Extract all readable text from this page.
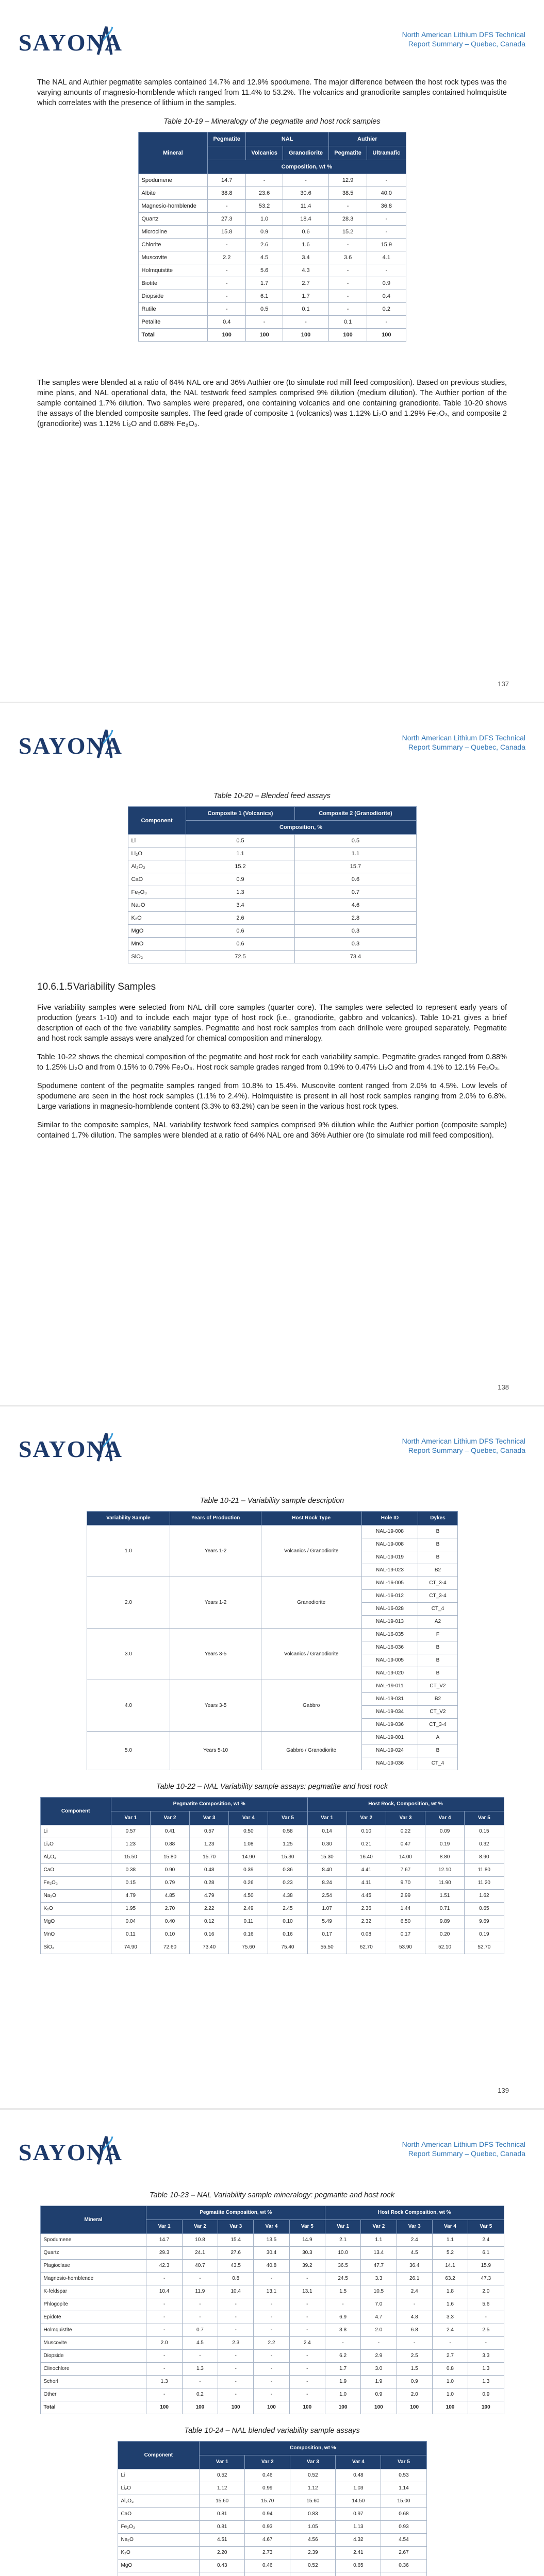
SAYONA	North American Lithium DFS Technical
Report Summary – Quebec, Canada

The NAL and Authier pegmatite samples contained 14.7% and 12.9% spodumene. The major difference between the host rock types was the varying amounts of magnesio-hornblende which ranged from 11.4% to 53.2%. The volcanics and granodiorite samples contained holmquistite which correlates with the presence of lithium in the samples.

Table 10-19 – Mineralogy of the pegmatite and host rock samples
Mineral	Pegmatite	NAL		Authier	
		Volcanics	Granodiorite	Pegmatite	Ultramafic
	Composition, wt %				
Spodumene	14.7	-	-	12.9	-
Albite	38.8	23.6	30.6	38.5	40.0
Magnesio-hornblende	-	53.2	11.4	-	36.8
Quartz	27.3	1.0	18.4	28.3	-
Microcline	15.8	0.9	0.6	15.2	-
Chlorite	-	2.6	1.6	-	15.9
Muscovite	2.2	4.5	3.4	3.6	4.1
Holmquistite	-	5.6	4.3	-	-
Biotite	-	1.7	2.7	-	0.9
Diopside	-	6.1	1.7	-	0.4
Rutile	-	0.5	0.1	-	0.2
Petalite	0.4	-	-	0.1	-
Total	100	100	100	100	100

The samples were blended at a ratio of 64% NAL ore and 36% Authier ore (to simulate rod mill feed composition). Based on previous studies, mine plans, and NAL operational data, the NAL testwork feed samples comprised 9% dilution (medium dilution). The Authier portion of the sample contained 1.7% dilution. Two samples were prepared, one containing volcanics and one containing granodiorite. Table 10-20 shows the assays of the blended composite samples. The feed grade of composite 1 (volcanics) was 1.12% Li₂O and 1.29% Fe₂O₃, and composite 2 (granodiorite) was 1.12% Li₂O and 0.68% Fe₂O₃.

137
SAYONA	North American Lithium DFS Technical
Report Summary – Quebec, Canada
Table 10-20 – Blended feed assays
Component	Composite 1 (Volcanics)	Composite 2 (Granodiorite)
	Composition, %	
Li	0.5	0.5
Li₂O	1.1	1.1
Al₂O₃	15.2	15.7
CaO	0.9	0.6
Fe₂O₃	1.3	0.7
Na₂O	3.4	4.6
K₂O	2.6	2.8
MgO	0.6	0.3
MnO	0.6	0.3
SiO₂	72.5	73.4
10.6.1.5Variability Samples

Five variability samples were selected from NAL drill core samples (quarter core). The samples were selected to represent early years of production (years 1-10) and to include each major type of host rock (i.e., granodiorite, gabbro and volcanics). Table 10-21 gives a brief description of each of the five variability samples. Pegmatite and host rock samples from each drillhole were grouped separately. Pegmatite and host rock sample assays were analyzed for chemical composition and mineralogy.

Table 10-22 shows the chemical composition of the pegmatite and host rock for each variability sample. Pegmatite grades ranged from 0.88% to 1.25% Li₂O and from 0.15% to 0.79% Fe₂O₃. Host rock sample grades ranged from 0.19% to 0.47% Li₂O and from 4.1% to 12.1% Fe₂O₃.

Spodumene content of the pegmatite samples ranged from 10.8% to 15.4%. Muscovite content ranged from 2.0% to 4.5%. Low levels of spodumene are seen in the host rock samples (1.1% to 2.4%). Holmquistite is present in all host rock samples ranging from 2.0% to 6.8%. Large variations in magnesio-hornblende content (3.3% to 63.2%) can be seen in the various host rock types.

Similar to the composite samples, NAL variability testwork feed samples comprised 9% dilution while the Authier portion (composite sample) contained 1.7% dilution. The samples were blended at a ratio of 64% NAL ore and 36% Authier ore (to simulate rod mill feed composition).

138
SAYONA	North American Lithium DFS Technical
Report Summary – Quebec, Canada
Table 10-21 – Variability sample description
Variability Sample	Years of Production	Host Rock Type	Hole ID	Dykes
1.0	Years 1-2	Volcanics / Granodiorite	NAL-19-008	B
			NAL-19-008	B
			NAL-19-019	B
			NAL-19-023	B2
2.0	Years 1-2	Granodiorite	NAL-16-005	CT_3-4
			NAL-16-012	CT_3-4
			NAL-16-028	CT_4
			NAL-19-013	A2
3.0	Years 3-5	Volcanics / Granodiorite	NAL-16-035	F
			NAL-16-036	B
			NAL-19-005	B
			NAL-19-020	B
4.0	Years 3-5	Gabbro	NAL-19-011	CT_V2
			NAL-19-031	B2
			NAL-19-034	CT_V2
			NAL-19-036	CT_3-4
5.0	Years 5-10	Gabbro / Granodiorite	NAL-19-001	A
			NAL-19-024	B
			NAL-19-036	CT_4
Table 10-22 – NAL Variability sample assays: pegmatite and host rock
Component	Pegmatite Composition, wt %					Host Rock, Composition, wt %				
	Var 1	Var 2	Var 3	Var 4	Var 5	Var 1	Var 2	Var 3	Var 4	Var 5
Li	0.57	0.41	0.57	0.50	0.58	0.14	0.10	0.22	0.09	0.15
Li₂O	1.23	0.88	1.23	1.08	1.25	0.30	0.21	0.47	0.19	0.32
Al₂O₃	15.50	15.80	15.70	14.90	15.30	15.30	16.40	14.00	8.80	8.90
CaO	0.38	0.90	0.48	0.39	0.36	8.40	4.41	7.67	12.10	11.80
Fe₂O₃	0.15	0.79	0.28	0.26	0.23	8.24	4.11	9.70	11.90	11.20
Na₂O	4.79	4.85	4.79	4.50	4.38	2.54	4.45	2.99	1.51	1.62
K₂O	1.95	2.70	2.22	2.49	2.45	1.07	2.36	1.44	0.71	0.65
MgO	0.04	0.40	0.12	0.11	0.10	5.49	2.32	6.50	9.89	9.69
MnO	0.11	0.10	0.16	0.16	0.16	0.17	0.08	0.17	0.20	0.19
SiO₂	74.90	72.60	73.40	75.60	75.40	55.50	62.70	53.90	52.10	52.70
139
SAYONA	North American Lithium DFS Technical
Report Summary – Quebec, Canada
Table 10-23 – NAL Variability sample mineralogy: pegmatite and host rock
Mineral	Pegmatite Composition, wt %					Host Rock Composition, wt %				
	Var 1	Var 2	Var 3	Var 4	Var 5	Var 1	Var 2	Var 3	Var 4	Var 5
Spodumene	14.7	10.8	15.4	13.5	14.9	2.1	1.1	2.4	1.1	2.4
Quartz	29.3	24.1	27.6	30.4	30.3	10.0	13.4	4.5	5.2	6.1
Plagioclase	42.3	40.7	43.5	40.8	39.2	36.5	47.7	36.4	14.1	15.9
Magnesio-hornblende	-	-	0.8	-	-	24.5	3.3	26.1	63.2	47.3
K-feldspar	10.4	11.9	10.4	13.1	13.1	1.5	10.5	2.4	1.8	2.0
Phlogopite	-	-	-	-	-	-	7.0	-	1.6	5.6
Epidote	-	-	-	-	-	6.9	4.7	4.8	3.3	-
Holmquistite	-	0.7	-	-	-	3.8	2.0	6.8	2.4	2.5
Muscovite	2.0	4.5	2.3	2.2	2.4	-	-	-	-	-
Diopside	-	-	-	-	-	6.2	2.9	2.5	2.7	3.3
Clinochlore	-	1.3	-	-	-	1.7	3.0	1.5	0.8	1.3
Schorl	1.3	-	-	-	-	1.9	1.9	0.9	1.0	1.3
Other	-	0.2	-	-	-	1.0	0.9	2.0	1.0	0.9
Total	100	100	100	100	100	100	100	100	100	100
Table 10-24 – NAL blended variability sample assays
Component	Composition, wt %				
	Var 1	Var 2	Var 3	Var 4	Var 5
Li	0.52	0.46	0.52	0.48	0.53
Li₂O	1.12	0.99	1.12	1.03	1.14
Al₂O₃	15.60	15.70	15.60	14.50	15.00
CaO	0.81	0.94	0.83	0.97	0.68
Fe₂O₃	0.81	0.93	1.05	1.13	0.93
Na₂O	4.51	4.67	4.56	4.32	4.54
K₂O	2.20	2.73	2.39	2.41	2.67
MgO	0.43	0.46	0.52	0.65	0.36
